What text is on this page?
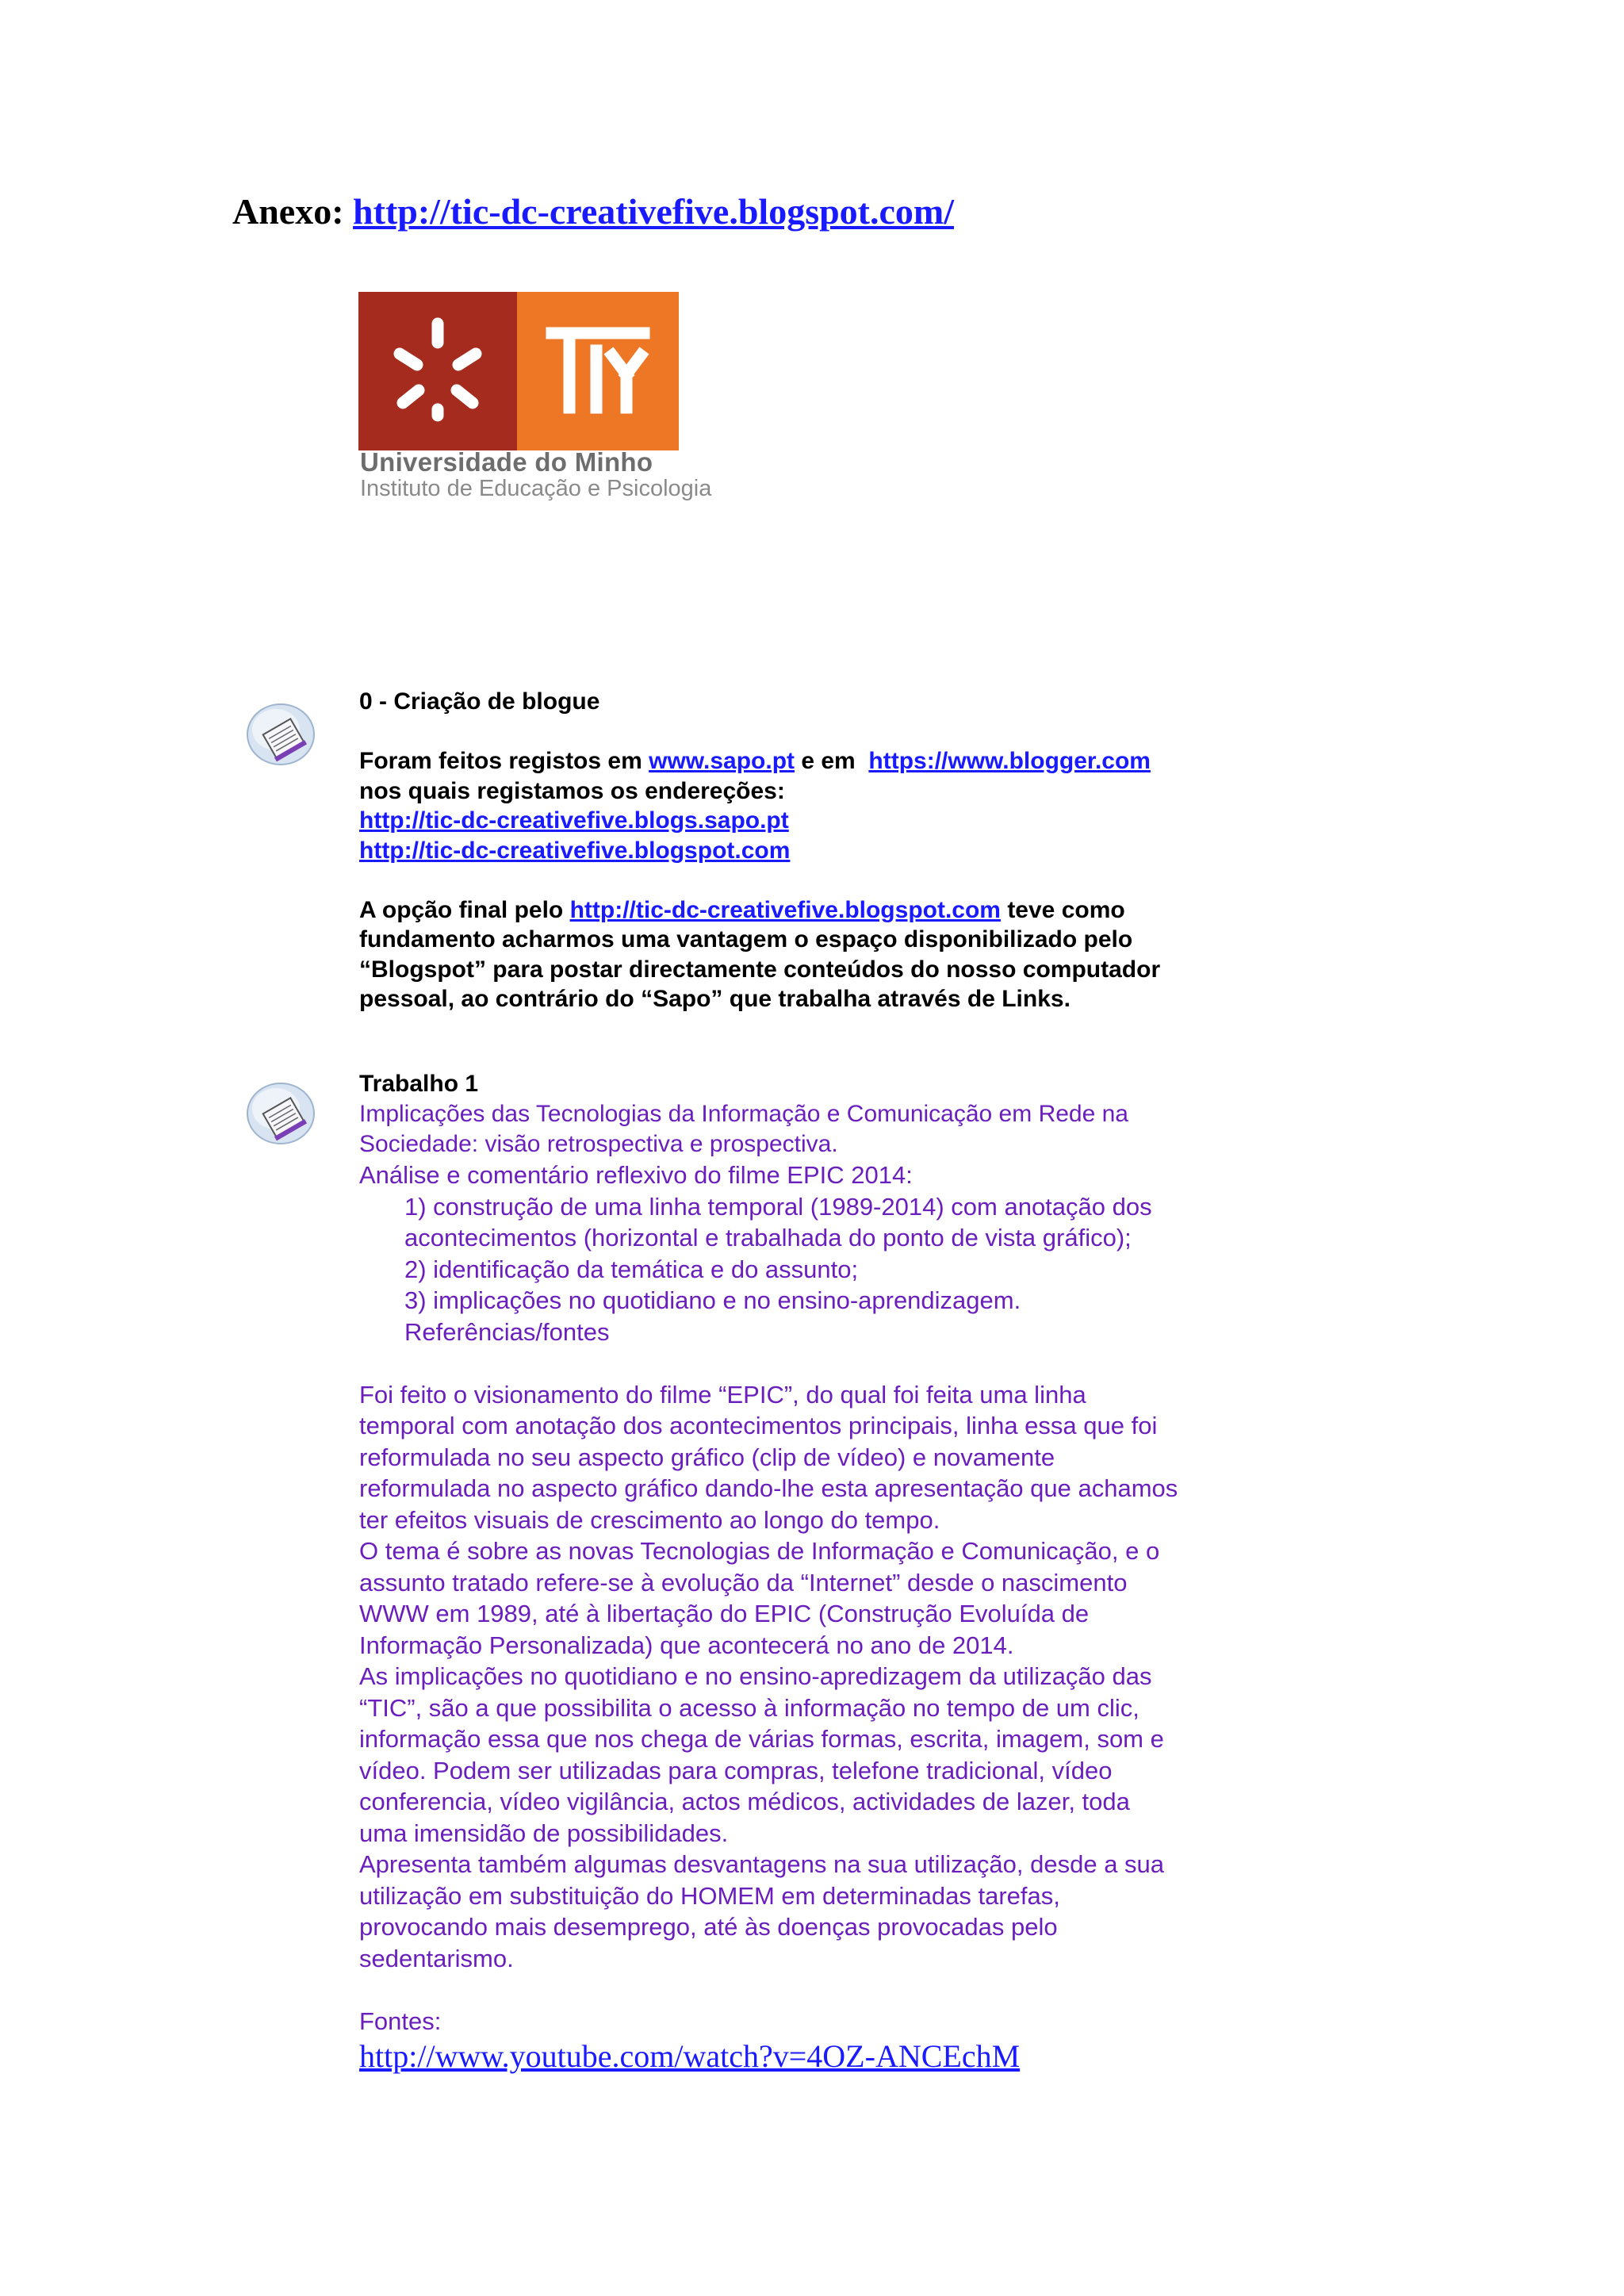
Anexo: http://tic-dc-creativefive.blogspot.com/
Universidade do Minho
Instituto de Educação e Psicologia

0 - Criação de blogue

Foram feitos registos em www.sapo.pt e em  https://www.blogger.com

nos quais registamos os endereções:

http://tic-dc-creativefive.blogs.sapo.pt

http://tic-dc-creativefive.blogspot.com

A opção final pelo http://tic-dc-creativefive.blogspot.com teve como

fundamento acharmos uma vantagem o espaço disponibilizado pelo

“Blogspot” para postar directamente conteúdos do nosso computador

pessoal, ao contrário do “Sapo” que trabalha através de Links.

Trabalho 1

Implicações das Tecnologias da Informação e Comunicação em Rede na

Sociedade: visão retrospectiva e prospectiva.

Análise e comentário reflexivo do filme EPIC 2014:

1) construção de uma linha temporal (1989-2014) com anotação dos

acontecimentos (horizontal e trabalhada do ponto de vista gráfico);

2) identificação da temática e do assunto;

3) implicações no quotidiano e no ensino-aprendizagem.

Referências/fontes

Foi feito o visionamento do filme “EPIC”, do qual foi feita uma linha

temporal com anotação dos acontecimentos principais, linha essa que foi

reformulada no seu aspecto gráfico (clip de vídeo) e novamente

reformulada no aspecto gráfico dando-lhe esta apresentação que achamos

ter efeitos visuais de crescimento ao longo do tempo.

O tema é sobre as novas Tecnologias de Informação e Comunicação, e o

assunto tratado refere-se à evolução da “Internet” desde o nascimento

WWW em 1989, até à libertação do EPIC (Construção Evoluída de

Informação Personalizada) que acontecerá no ano de 2014.

As implicações no quotidiano e no ensino-apredizagem da utilização das

“TIC”, são a que possibilita o acesso à informação no tempo de um clic,

informação essa que nos chega de várias formas, escrita, imagem, som e

vídeo. Podem ser utilizadas para compras, telefone tradicional, vídeo

conferencia, vídeo vigilância, actos médicos, actividades de lazer, toda

uma imensidão de possibilidades.

Apresenta também algumas desvantagens na sua utilização, desde a sua

utilização em substituição do HOMEM em determinadas tarefas,

provocando mais desemprego, até às doenças provocadas pelo

sedentarismo.

Fontes:

http://www.youtube.com/watch?v=4OZ-ANCEchM
